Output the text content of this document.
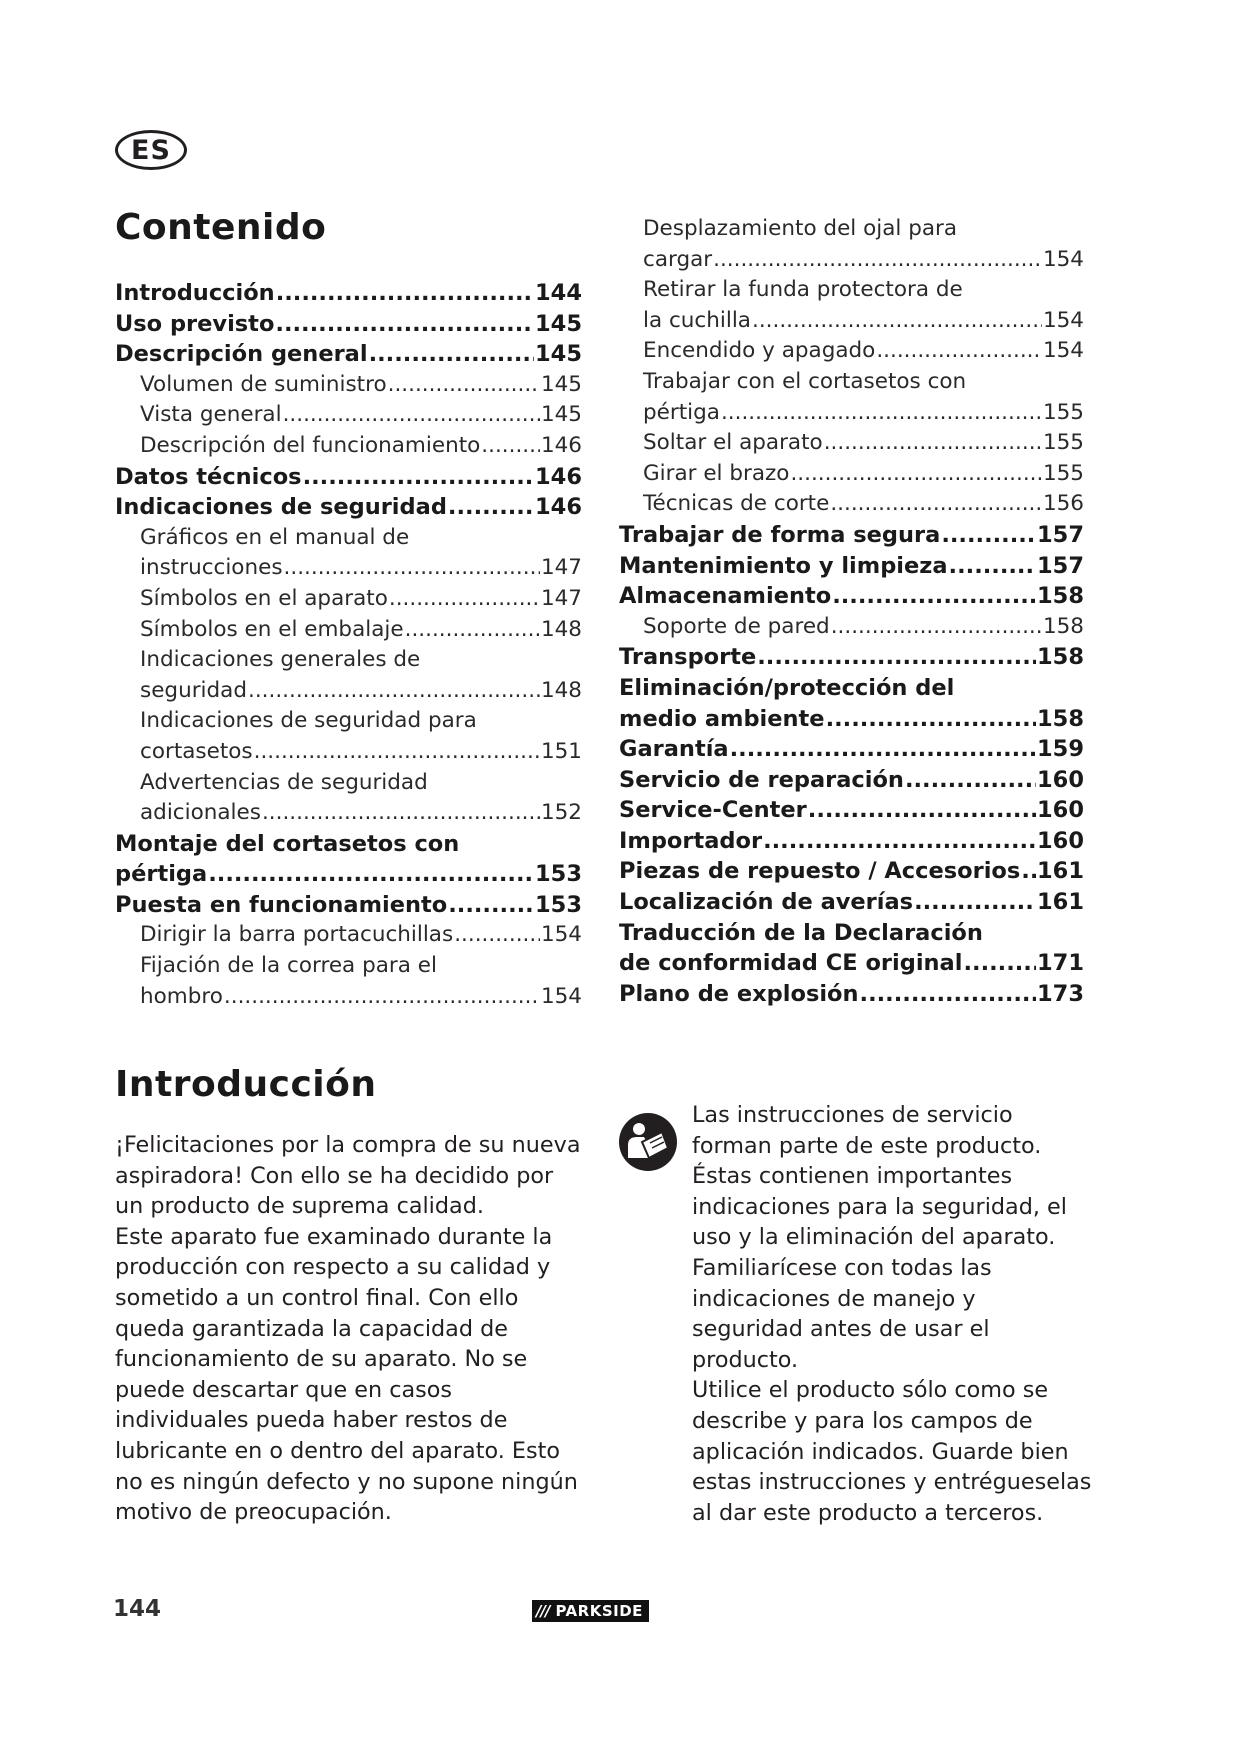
ES
Contenido
Introducción .....	144
Uso previsto .....	145
Descripción general .....	145
Volumen de suministro .....	145
Vista general .....	145
Descripción del funcionamiento .....	146
Datos técnicos .....	146
Indicaciones de seguridad .....	146
Gráficos en el manual de
instrucciones .....	147
Símbolos en el aparato .....	147
Símbolos en el embalaje .....	148
Indicaciones generales de
seguridad .....	148
Indicaciones de seguridad para
cortasetos .....	151
Advertencias de seguridad
adicionales .....	152
Montaje del cortasetos con
pértiga .....	153
Puesta en funcionamiento .....	153
Dirigir la barra portacuchillas .....	154
Fijación de la correa para el
hombro .....	154
Desplazamiento del ojal para
cargar .....	154
Retirar la funda protectora de
la cuchilla .....	154
Encendido y apagado .....	154
Trabajar con el cortasetos con
pértiga .....	155
Soltar el aparato .....	155
Girar el brazo .....	155
Técnicas de corte .....	156
Trabajar de forma segura .....	157
Mantenimiento y limpieza .....	157
Almacenamiento .....	158
Soporte de pared .....	158
Transporte .....	158
Eliminación/protección del
medio ambiente .....	158
Garantía .....	159
Servicio de reparación .....	160
Service-Center .....	160
Importador .....	160
Piezas de repuesto / Accesorios ..... 161
Localización de averías .....	161
Traducción de la Declaración
de conformidad CE original .....	171
Plano de explosión .....	173
Introducción

¡Felicitaciones por la compra de su nueva aspiradora! Con ello se ha decidido por un producto de suprema calidad.

Este aparato fue examinado durante la producción con respecto a su calidad y sometido a un control final. Con ello queda garantizada la capacidad de funcionamiento de su aparato. No se puede descartar que en casos individuales pueda haber restos de lubricante en o dentro del aparato. Esto no es ningún defecto y no supone ningún motivo de preocupación.

Las instrucciones de servicio forman parte de este producto. Éstas contienen importantes indicaciones para la seguridad, el uso y la eliminación del aparato. Familiarícese con todas las indicaciones de manejo y seguridad antes de usar el producto.

Utilice el producto sólo como se describe y para los campos de aplicación indicados. Guarde bien estas instrucciones y entrégueselas al dar este producto a terceros.

144	/// PARKSIDE
